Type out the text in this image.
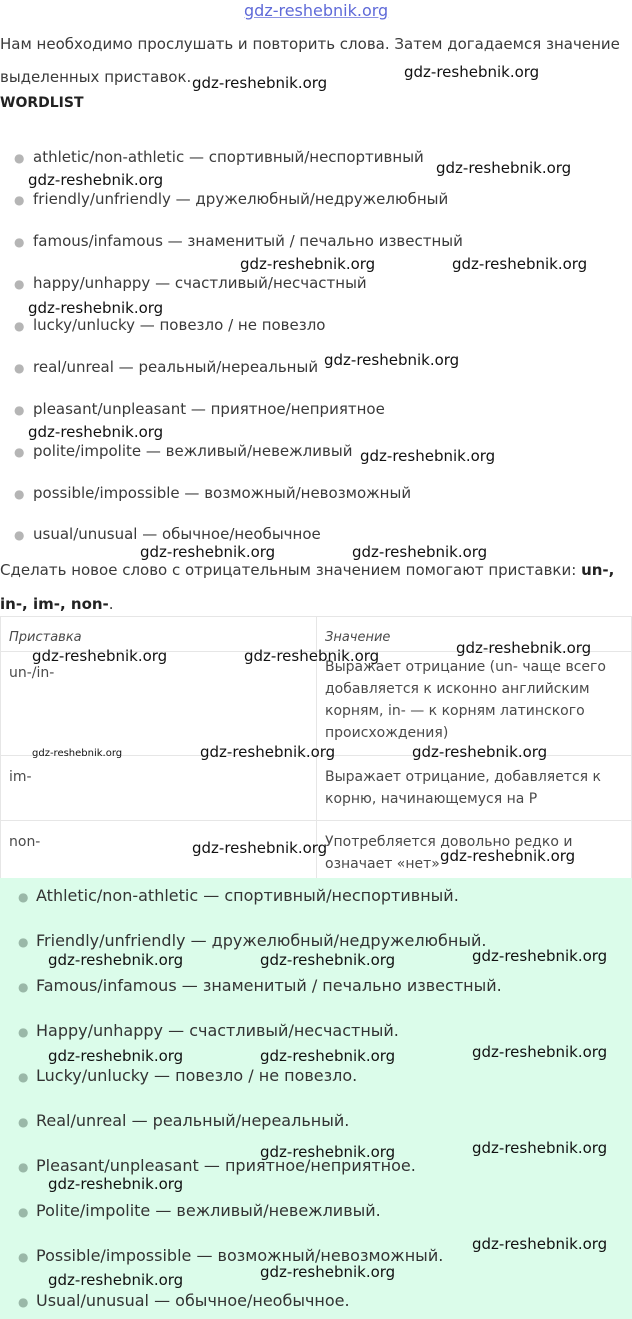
gdz-reshebnik.org
Нам необходимо прослушать и повторить слова. Затем догадаемся значение выделенных приставок.
WORDLIST
● athletic/non-athletic — спортивный/неспортивный
● friendly/unfriendly — дружелюбный/недружелюбный
● famous/infamous — знаменитый / печально известный
● happy/unhappy — счастливый/несчастный
● lucky/unlucky — повезло / не повезло
● real/unreal — реальный/нереальный
● pleasant/unpleasant — приятное/неприятное
● polite/impolite — вежливый/невежливый
● possible/impossible — возможный/невозможный
● usual/unusual — обычное/необычное
Сделать новое слово с отрицательным значением помогают приставки: un-, in-, im-, non-.
Приставка	Значение
un-/in-	Выражает отрицание (un- чаще всего добавляется к исконно английским корням, in- — к корням латинского происхождения)
im-	Выражает отрицание, добавляется к корню, начинающемуся на P
non-	Употребляется довольно редко и означает «нет»
● Athletic/non-athletic — спортивный/неспортивный.
● Friendly/unfriendly — дружелюбный/недружелюбный.
● Famous/infamous — знаменитый / печально известный.
● Happy/unhappy — счастливый/несчастный.
● Lucky/unlucky — повезло / не повезло.
● Real/unreal — реальный/нереальный.
● Pleasant/unpleasant — приятное/неприятное.
● Polite/impolite — вежливый/невежливый.
● Possible/impossible — возможный/невозможный.
● Usual/unusual — обычное/необычное.
gdz-reshebnik.org
gdz-reshebnik.org
gdz-reshebnik.org
gdz-reshebnik.org
gdz-reshebnik.org	gdz-reshebnik.org
gdz-reshebnik.org
gdz-reshebnik.org
gdz-reshebnik.org
gdz-reshebnik.org
gdz-reshebnik.org	gdz-reshebnik.org
gdz-reshebnik.org
gdz-reshebnik.org	gdz-reshebnik.org
gdz-reshebnik.org	gdz-reshebnik.org	gdz-reshebnik.org
gdz-reshebnik.org	gdz-reshebnik.org
gdz-reshebnik.org
gdz-reshebnik.org	gdz-reshebnik.org
gdz-reshebnik.org
gdz-reshebnik.org	gdz-reshebnik.org
gdz-reshebnik.org	gdz-reshebnik.org
gdz-reshebnik.org
gdz-reshebnik.org
gdz-reshebnik.org
gdz-reshebnik.org
